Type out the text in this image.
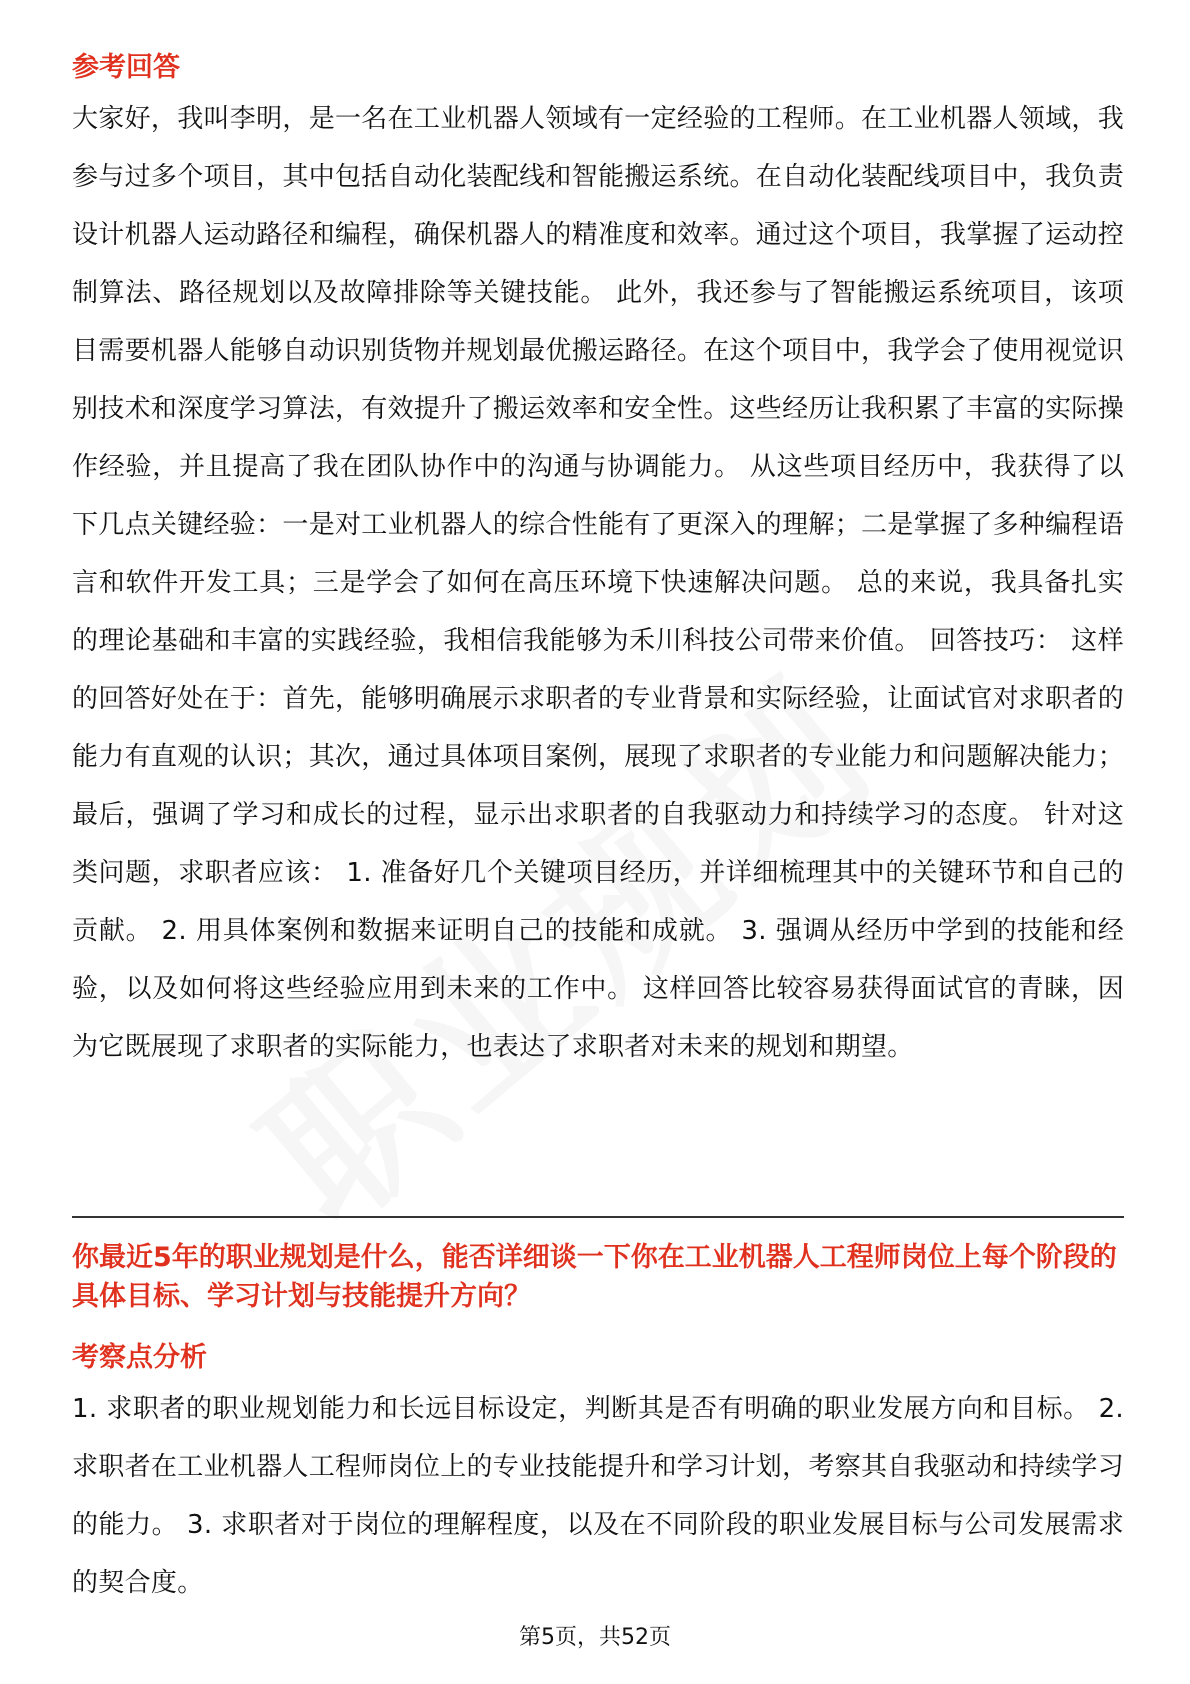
参考回答

大家好，我叫李明，是一名在工业机器人领域有一定经验的工程师。在工业机器人领域，我参与过多个项目，其中包括自动化装配线和智能搬运系统。在自动化装配线项目中，我负责设计机器人运动路径和编程，确保机器人的精准度和效率。通过这个项目，我掌握了运动控制算法、路径规划以及故障排除等关键技能。 此外，我还参与了智能搬运系统项目，该项目需要机器人能够自动识别货物并规划最优搬运路径。在这个项目中，我学会了使用视觉识别技术和深度学习算法，有效提升了搬运效率和安全性。这些经历让我积累了丰富的实际操作经验，并且提高了我在团队协作中的沟通与协调能力。 从这些项目经历中，我获得了以下几点关键经验：一是对工业机器人的综合性能有了更深入的理解；二是掌握了多种编程语言和软件开发工具；三是学会了如何在高压环境下快速解决问题。 总的来说，我具备扎实的理论基础和丰富的实践经验，我相信我能够为禾川科技公司带来价值。 回答技巧： 这样的回答好处在于：首先，能够明确展示求职者的专业背景和实际经验，让面试官对求职者的能力有直观的认识；其次，通过具体项目案例，展现了求职者的专业能力和问题解决能力；最后，强调了学习和成长的过程，显示出求职者的自我驱动力和持续学习的态度。 针对这类问题，求职者应该： 1. 准备好几个关键项目经历，并详细梳理其中的关键环节和自己的贡献。 2. 用具体案例和数据来证明自己的技能和成就。 3. 强调从经历中学到的技能和经验，以及如何将这些经验应用到未来的工作中。 这样回答比较容易获得面试官的青睐，因为它既展现了求职者的实际能力，也表达了求职者对未来的规划和期望。

你最近5年的职业规划是什么，能否详细谈一下你在工业机器人工程师岗位上每个阶段的具体目标、学习计划与技能提升方向？
考察点分析

1. 求职者的职业规划能力和长远目标设定，判断其是否有明确的职业发展方向和目标。 2. 求职者在工业机器人工程师岗位上的专业技能提升和学习计划，考察其自我驱动和持续学习的能力。 3. 求职者对于岗位的理解程度，以及在不同阶段的职业发展目标与公司发展需求的契合度。

第5页，共52页
